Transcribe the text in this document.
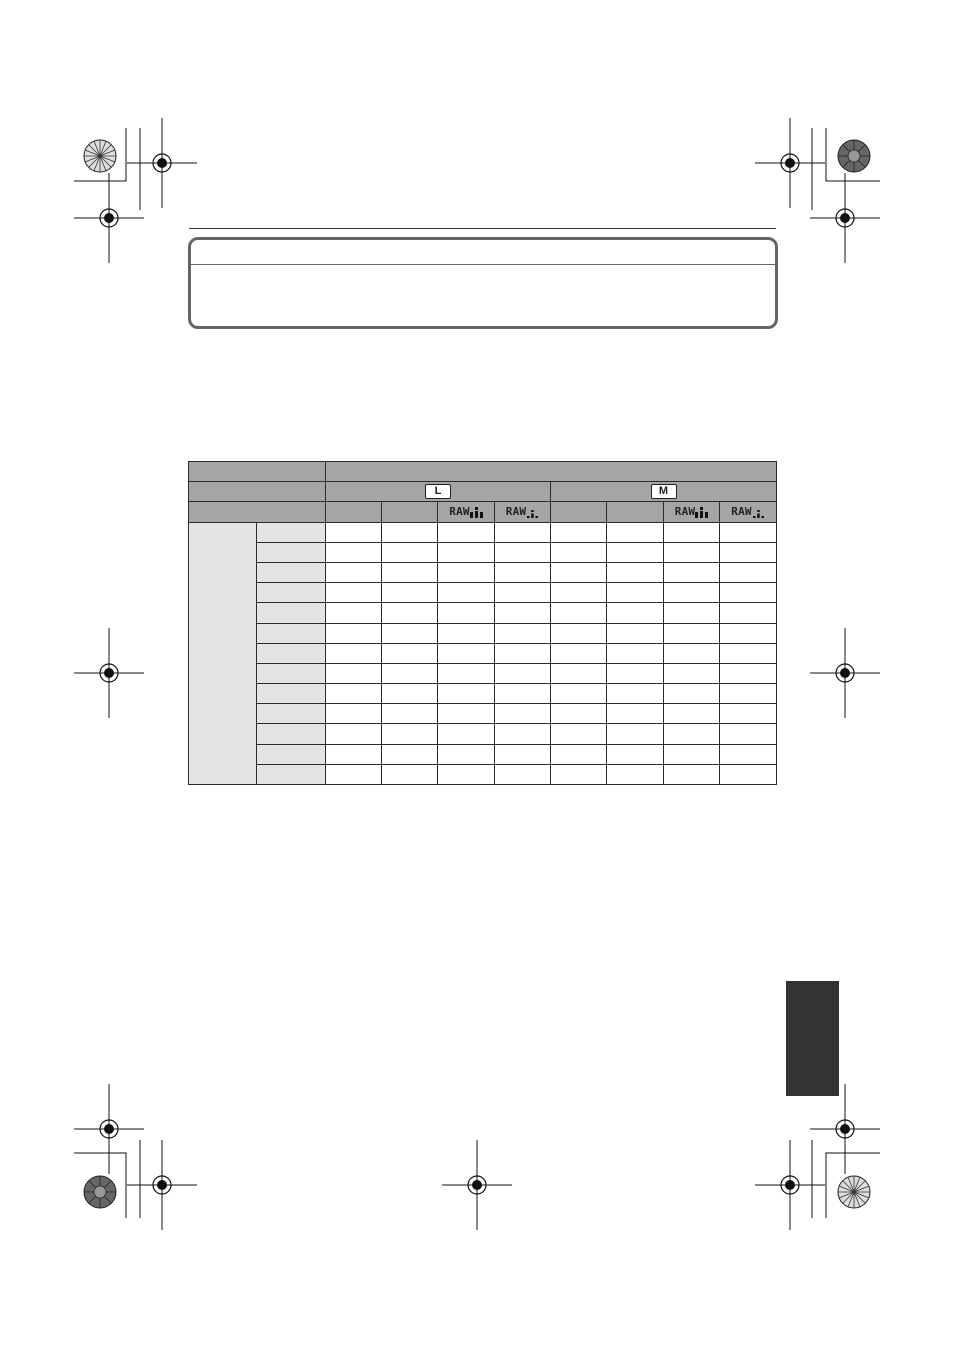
		L				M			
				RAW	RAW			RAW	RAW
